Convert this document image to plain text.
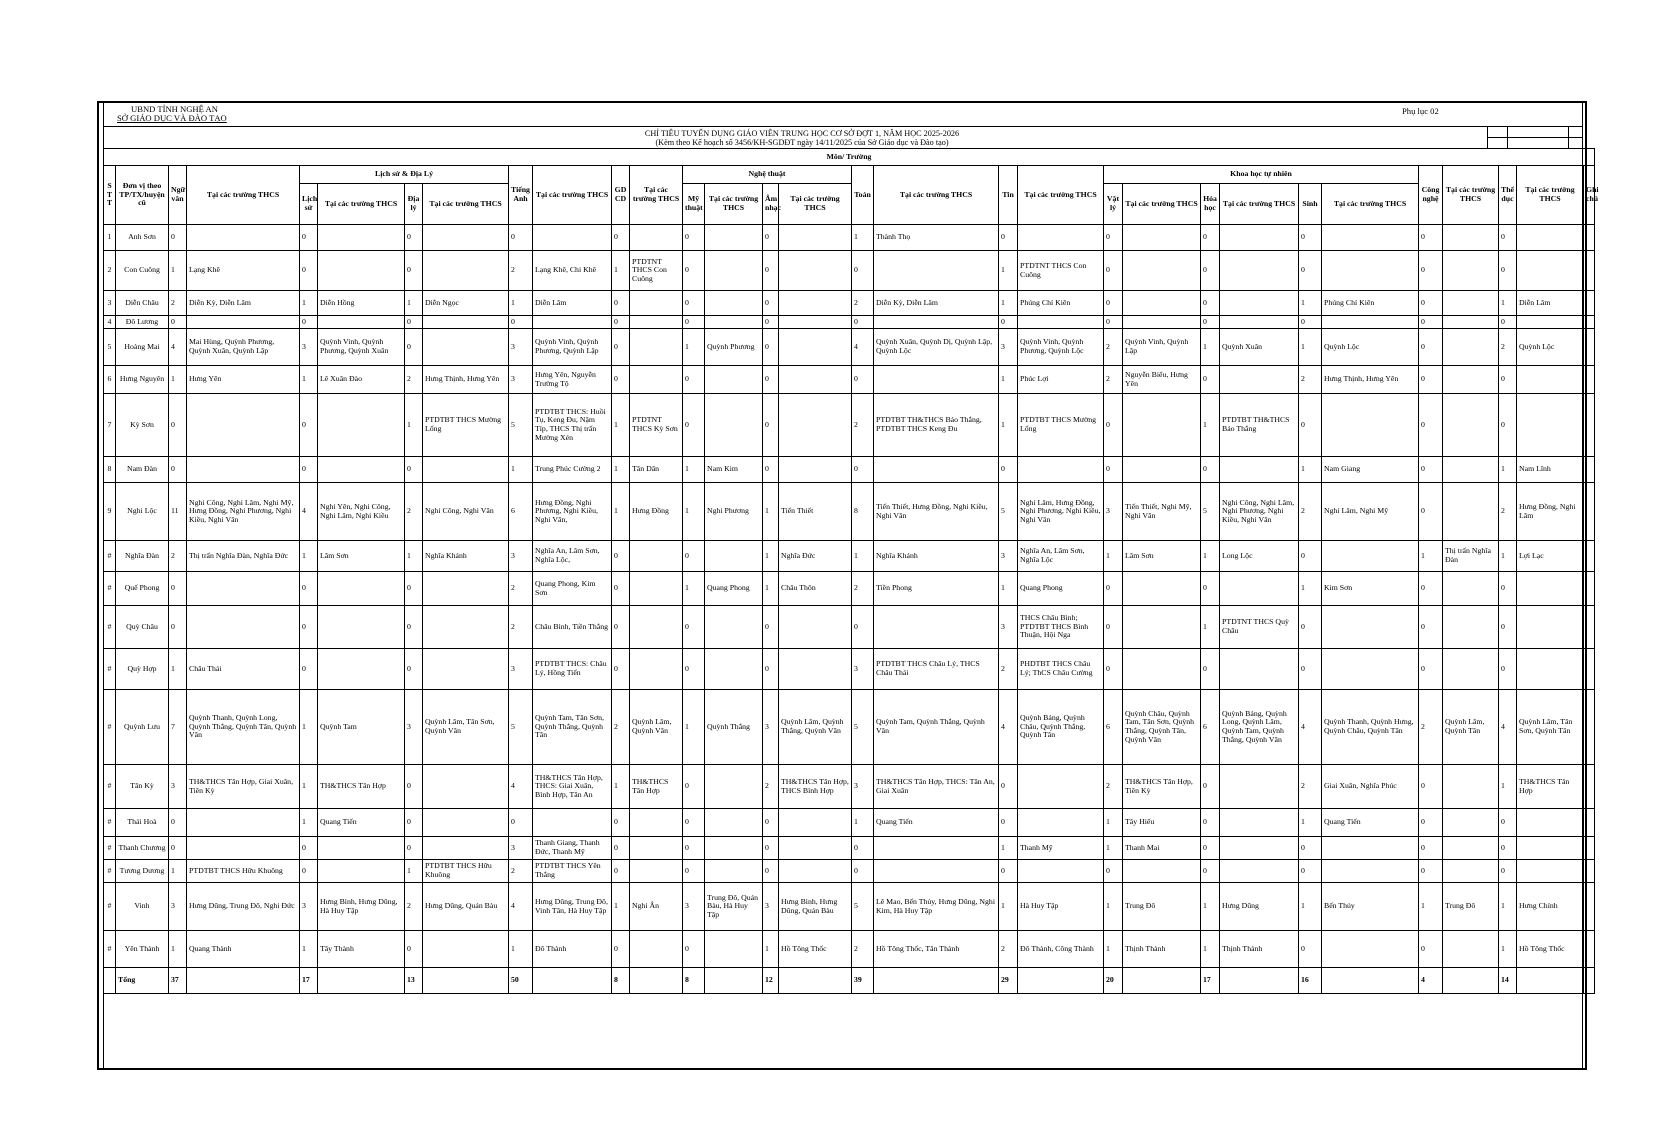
UBND TỈNH NGHỆ AN
SỞ GIÁO DỤC VÀ ĐÀO TẠO
Phụ lục 02
CHỈ TIÊU TUYỂN DỤNG GIÁO VIÊN TRUNG HỌC CƠ SỞ ĐỢT 1, NĂM HỌC 2025-2026
(Kèm theo Kế hoạch số 3456/KH-SGDĐT ngày 14/11/2025 của Sở Giáo dục và Đào tạo)
Môn/ Trường																														
S T T	Đơn vị theo TP/TX/huyện cũ	Ngữ văn	Tại các trường THCS	Lịch sử & Địa Lý				Tiếng Anh	Tại các trường THCS	GD CD	Tại các trường THCS	Nghệ thuật				Toán	Tại các trường THCS	Tin	Tại các trường THCS	Khoa học tự nhiên						Công nghệ	Tại các trường THCS	Thể dục	Tại các trường THCS	Ghi chú
				Lịch sử	Tại các trường THCS	Địa lý	Tại các trường THCS					Mỹ thuật	Tại các trường THCS	Âm nhạc	Tại các trường THCS					Vật lý	Tại các trường THCS	Hóa học	Tại các trường THCS	Sinh	Tại các trường THCS					
1	Anh Sơn	0		0		0		0		0		0		0		1	Thành Thọ	0		0		0		0		0		0		
2	Con Cuông	1	Lạng Khê	0		0		2	Lạng Khê, Chi Khê	1	PTDTNT THCS Con Cuông	0		0		0		1	PTDTNT THCS Con Cuông	0		0		0		0		0		
3	Diễn Châu	2	Diễn Kỳ, Diễn Lâm	1	Diễn Hồng	1	Diễn Ngọc	1	Diễn Lâm	0		0		0		2	Diễn Kỳ, Diễn Lâm	1	Phúng Chí Kiên	0		0		1	Phúng Chí Kiên	0		1	Diễn Lâm	
4	Đô Lương	0		0		0		0		0		0		0		0		0		0		0		0		0		0		
5	Hoàng Mai	4	Mai Hùng, Quỳnh Phương, Quỳnh Xuân, Quỳnh Lập	3	Quỳnh Vinh, Quỳnh Phương, Quỳnh Xuân	0		3	Quỳnh Vinh, Quỳnh Phương, Quỳnh Lập	0		1	Quỳnh Phương	0		4	Quỳnh Xuân, Quỳnh Dị, Quỳnh Lập, Quỳnh Lộc	3	Quỳnh Vinh, Quỳnh Phương, Quỳnh Lộc	2	Quỳnh Vinh, Quỳnh Lập	1	Quỳnh Xuân	1	Quỳnh Lộc	0		2	Quỳnh Lộc	
6	Hưng Nguyên	1	Hưng Yên	1	Lê Xuân Đào	2	Hưng Thịnh, Hưng Yên	3	Hưng Yên, Nguyễn Trường Tộ	0		0		0		0		1	Phúc Lợi	2	Nguyễn Biểu, Hưng Yên	0		2	Hưng Thịnh, Hưng Yên	0		0		
7	Kỳ Sơn	0		0		1	PTDTBT THCS Mường Lống	5	PTDTBT THCS: Huồi Tụ, Keng Đu, Nậm Típ, THCS Thị trấn Mường Xén	1	PTDTNT THCS Kỳ Sơn	0		0		2	PTDTBT TH&THCS Bảo Thắng, PTDTBT THCS Keng Đu	1	PTDTBT THCS Mường Lống	0		1	PTDTBT TH&THCS Bảo Thắng	0		0		0		
8	Nam Đàn	0		0		0		1	Trung Phúc Cường 2	1	Tân Dân	1	Nam Kim	0		0		0		0		0		1	Nam Giang	0		1	Nam Lĩnh	
9	Nghi Lộc	11	Nghi Công, Nghi Lâm, Nghi Mỹ, Hưng Đồng, Nghi Phương, Nghi Kiều, Nghi Vân	4	Nghi Yên, Nghi Công, Nghi Lâm, Nghi Kiều	2	Nghi Công, Nghi Vân	6	Hưng Đồng, Nghi Phương, Nghi Kiều, Nghi Vân,	1	Hưng Đồng	1	Nghi Phương	1	Tiến Thiết	8	Tiến Thiết, Hưng Đồng, Nghi Kiều, Nghi Vân	5	Nghi Lâm, Hưng Đồng, Nghi Phương, Nghi Kiều, Nghi Vân	3	Tiến Thiết, Nghi Mỹ, Nghi Vân	5	Nghi Công, Nghi Lâm, Nghi Phương, Nghi Kiều, Nghi Vân	2	Nghi Lâm, Nghi Mỹ	0		2	Hưng Đồng, Nghi Lâm	
#	Nghĩa Đàn	2	Thị trấn Nghĩa Đàn, Nghĩa Đức	1	Lâm Sơn	1	Nghĩa Khánh	3	Nghĩa An, Lâm Sơn, Nghĩa Lộc,	0		0		1	Nghĩa Đức	1	Nghĩa Khánh	3	Nghĩa An, Lâm Sơn, Nghĩa Lộc	1	Lâm Sơn	1	Long Lộc	0		1	Thị trấn Nghĩa Đàn	1	Lợi Lạc	
#	Quế Phong	0		0		0		2	Quang Phong, Kim Sơn	0		1	Quang Phong	1	Châu Thôn	2	Tiền Phong	1	Quang Phong	0		0		1	Kim Sơn	0		0		
#	Quỳ Châu	0		0		0		2	Châu Bình, Tiền Thắng	0		0		0		0		3	THCS Châu Bình; PTDTBT THCS Bình Thuận, Hội Nga	0		1	PTDTNT THCS Quỳ Châu	0		0		0		
#	Quỳ Hợp	1	Châu Thái	0		0		3	PTDTBT THCS: Châu Lý, Hồng Tiến	0		0		0		3	PTDTBT THCS Châu Lý, THCS Châu Thái	2	PHDTBT THCS Châu Lý; ThCS Châu Cường	0		0		0		0		0		
#	Quỳnh Lưu	7	Quỳnh Thanh, Quỳnh Long, Quỳnh Thắng, Quỳnh Tân, Quỳnh Văn	1	Quỳnh Tam	3	Quỳnh Lâm, Tân Sơn, Quỳnh Văn	5	Quỳnh Tam, Tân Sơn, Quỳnh Thắng, Quỳnh Tân	2	Quỳnh Lâm, Quỳnh Văn	1	Quỳnh Thắng	3	Quỳnh Lâm, Quỳnh Thắng, Quỳnh Văn	5	Quỳnh Tam, Quỳnh Thắng, Quỳnh Văn	4	Quỳnh Bảng, Quỳnh Châu, Quỳnh Thắng, Quỳnh Tân	6	Quỳnh Châu, Quỳnh Tam, Tân Sơn, Quỳnh Thắng, Quỳnh Tân, Quỳnh Văn	6	Quỳnh Bảng, Quỳnh Long, Quỳnh Lâm, Quỳnh Tam, Quỳnh Thắng, Quỳnh Văn	4	Quỳnh Thanh, Quỳnh Hưng, Quỳnh Châu, Quỳnh Tân	2	Quỳnh Lâm, Quỳnh Tân	4	Quỳnh Lâm, Tân Sơn, Quỳnh Tân	
#	Tân Kỳ	3	TH&THCS Tân Hợp, Giai Xuân, Tiên Kỳ	1	TH&THCS Tân Hợp	0		4	TH&THCS Tân Hợp, THCS: Giai Xuân, Bình Hợp, Tân An	1	TH&THCS Tân Hợp	0		2	TH&THCS Tân Hợp, THCS Bình Hợp	3	TH&THCS Tân Hợp, THCS: Tân An, Giai Xuân	0		2	TH&THCS Tân Hợp, Tiên Kỳ	0		2	Giai Xuân, Nghĩa Phúc	0		1	TH&THCS Tân Hợp	
#	Thái Hoà	0		1	Quang Tiến	0		0		0		0		0		1	Quang Tiến	0		1	Tây Hiếu	0		1	Quang Tiến	0		0		
#	Thanh Chương	0		0		0		3	Thanh Giang, Thanh Đức, Thanh Mỹ	0		0		0		0		1	Thanh Mỹ	1	Thanh Mai	0		0		0		0		
#	Tương Dương	1	PTDTBT THCS Hữu Khuông	0		1	PTDTBT THCS Hữu Khuông	2	PTDTBT THCS Yên Thắng	0		0		0		0		0		0		0		0		0		0		
#	Vinh	3	Hưng Dũng, Trung Đô, Nghi Đức	3	Hưng Bình, Hưng Dũng, Hà Huy Tập	2	Hưng Dũng, Quán Bàu	4	Hưng Dũng, Trung Đô, Vinh Tân, Hà Huy Tập	1	Nghi Ân	3	Trung Đô, Quán Bàu, Hà Huy Tập	3	Hưng Bình, Hưng Dũng, Quán Bàu	5	Lê Mao, Bến Thủy, Hưng Dũng, Nghi Kim, Hà Huy Tập	1	Hà Huy Tập	1	Trung Đô	1	Hưng Dũng	1	Bến Thủy	1	Trung Đô	1	Hưng Chính	
#	Yên Thành	1	Quang Thành	1	Tây Thành	0		1	Đô Thành	0		0		1	Hồ Tông Thốc	2	Hồ Tông Thốc, Tân Thành	2	Đô Thành, Công Thành	1	Thịnh Thành	1	Thịnh Thành	0		0		1	Hồ Tông Thốc	
	Tổng	37		17		13		50		8		8		12		39		29		20		17		16		4		14		
